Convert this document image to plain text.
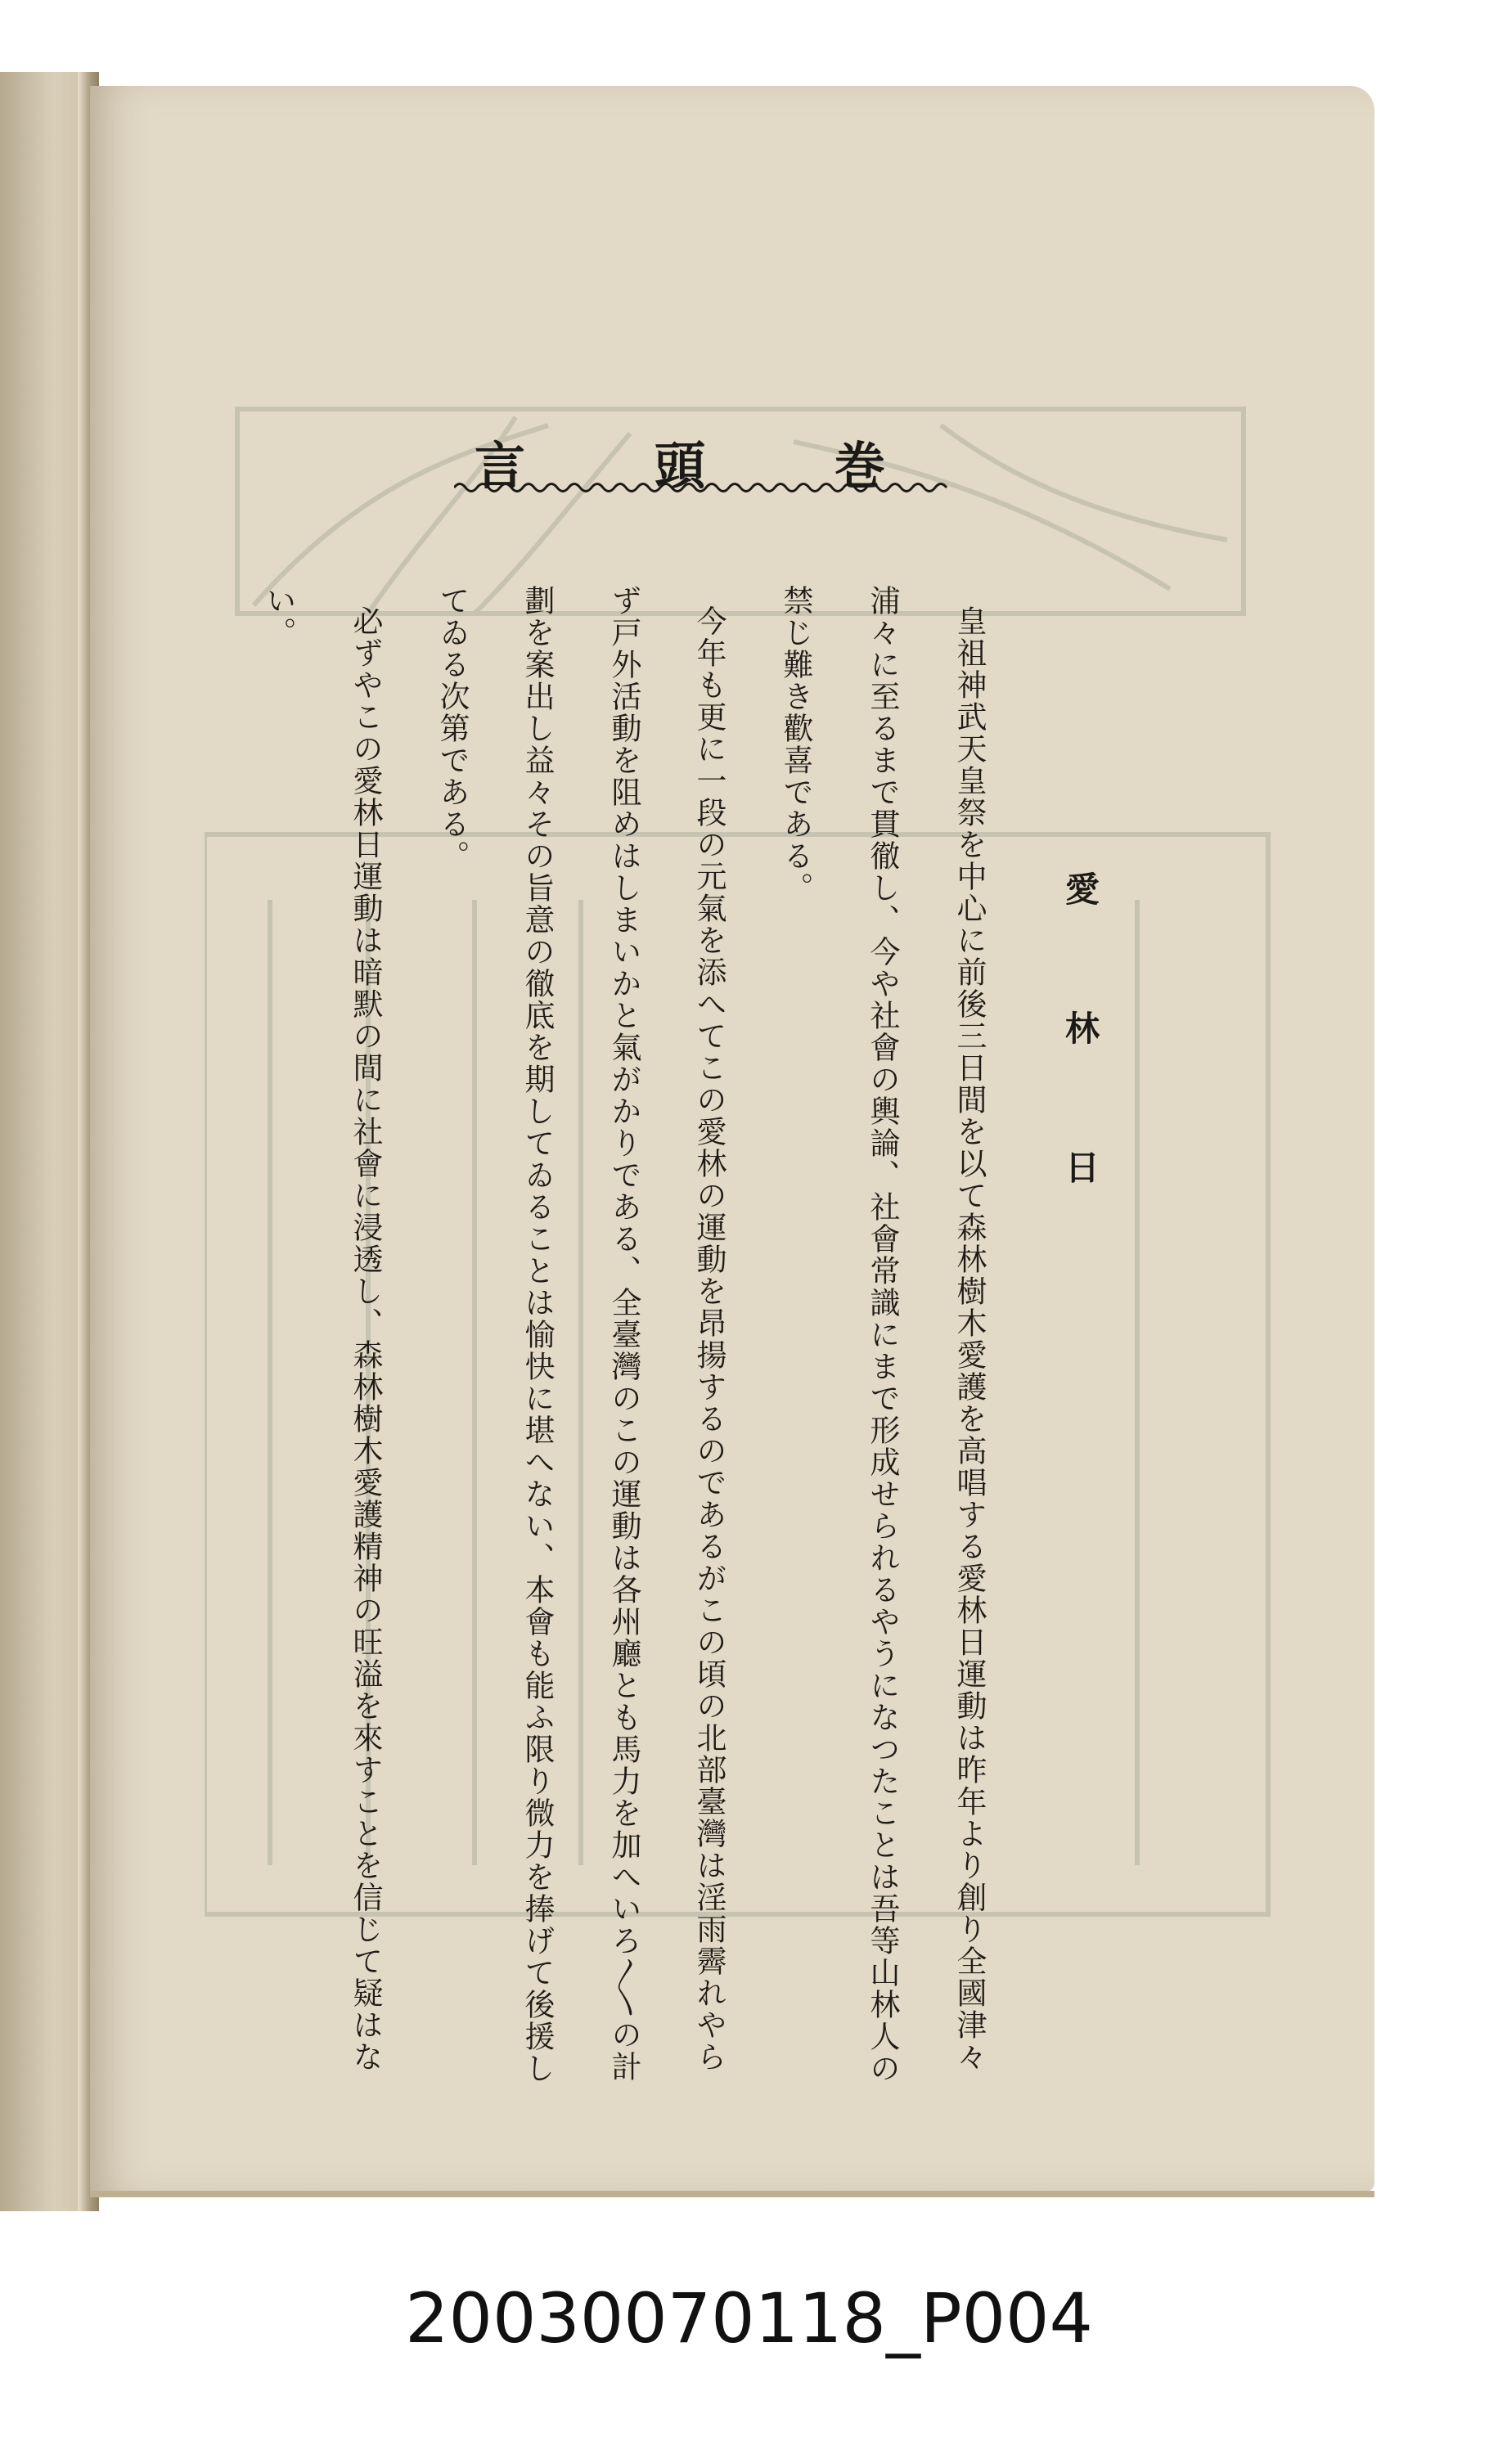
巻
頭
言
愛
林
日
皇祖神武天皇祭を中心に前後三日間を以て森林樹木愛護を高唱する愛林日運動は昨年より創り全國津々
浦々に至るまで貫徹し、今や社會の輿論、社會常識にまで形成せられるやうになつたことは吾等山林人の
禁じ難き歡喜である。
今年も更に一段の元氣を添へてこの愛林の運動を昂揚するのであるがこの頃の北部臺灣は淫雨霽れやら
ず戸外活動を阻めはしまいかと氣がかりである、全臺灣のこの運動は各州廳とも馬力を加へいろ〳〵の計
劃を案出し益々その旨意の徹底を期してゐることは愉快に堪へない、本會も能ふ限り微力を捧げて後援し
てゐる次第である。
必ずやこの愛林日運動は暗默の間に社會に浸透し、森林樹木愛護精神の旺溢を來すことを信じて疑はな
い。
20030070118_P004
